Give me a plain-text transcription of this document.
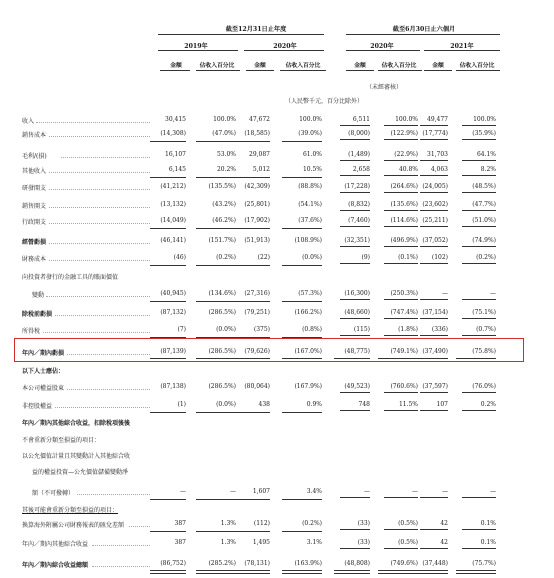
截至12月31日止年度	截至6月30日止六個月
2019年	2020年	2020年	2021年
金額	佔收入百分比	金額	佔收入百分比	金額	佔收入百分比	金額	佔收入百分比
（未經審核）
（人民幣千元，百分比除外）
收入	30,415	100.0%	47,672	100.0%	6,511	100.0%	49,477	100.0%
銷售成本	(14,308)	(47.0%)	(18,585)	(39.0%)	(8,000)	(122.9%) (17,774)	(35.9%)
毛利/(損)	16,107	53.0%	29,087	61.0%	(1,489)	(22.9%)	31,703	64.1%
其他收入	6,145	20.2%	5,012	10.5%	2,658	40.8%	4,063	8.2%
研發開支	(41,212)	(135.5%)	(42,309)	(88.8%)	(17,228)	(264.6%) (24,005)	(48.5%)
銷售開支	(13,132)	(43.2%)	(25,801)	(54.1%)	(8,832)	(135.6%) (23,602)	(47.7%)
行政開支	(14,049)	(46.2%)	(17,902)	(37.6%)	(7,460)	(114.6%) (25,211)	(51.0%)
經營虧損	(46,141)	(151.7%)	(51,913)	(108.9%)	(32,351)	(496.9%) (37,052)	(74.9%)
財務成本	(46)	(0.2%)	(22)	(0.0%)	(9)	(0.1%)	(102)	(0.2%)
向投資者發行的金融工具的賬面價值
變動	(40,945)	(134.6%)	(27,316)	(57.3%)	(16,300)	(250.3%)	—	—
除稅前虧損	(87,132)	(286.5%)	(79,251)	(166.2%)	(48,660)	(747.4%) (37,154)	(75.1%)
所得稅	(7)	(0.0%)	(375)	(0.8%)	(115)	(1.8%)	(336)	(0.7%)
年內／期內虧損	(87,139)	(286.5%)	(79,626)	(167.0%)	(48,775)	(749.1%) (37,490)	(75.8%)
以下人士應佔：
本公司權益股東	(87,138)	(286.5%)	(80,064)	(167.9%)	(49,523)	(760.6%) (37,597)	(76.0%)
非控股權益	(1)	(0.0%)	438	0.9%	748	11.5%	107	0.2%
年內／期內其他綜合收益，扣除稅項後後
不會重新分類至損益的項目：
以公允價值計量且其變動計入其他綜合收
益的權益投資—公允價值儲備變動淨
額（不可撥轉）	—	—	1,607	3.4%	—	—	—	—
其後可能會重新分類至損益的項目：
換算海外附屬公司財務報表的匯兌差額	387	1.3%	(112)	(0.2%)	(33)	(0.5%)	42	0.1%
年內／期內其他綜合收益	387	1.3%	1,495	3.1%	(33)	(0.5%)	42	0.1%
年內／期內綜合收益總額	(86,752)	(285.2%)	(78,131)	(163.9%)	(48,808)	(749.6%) (37,448)	(75.7%)
